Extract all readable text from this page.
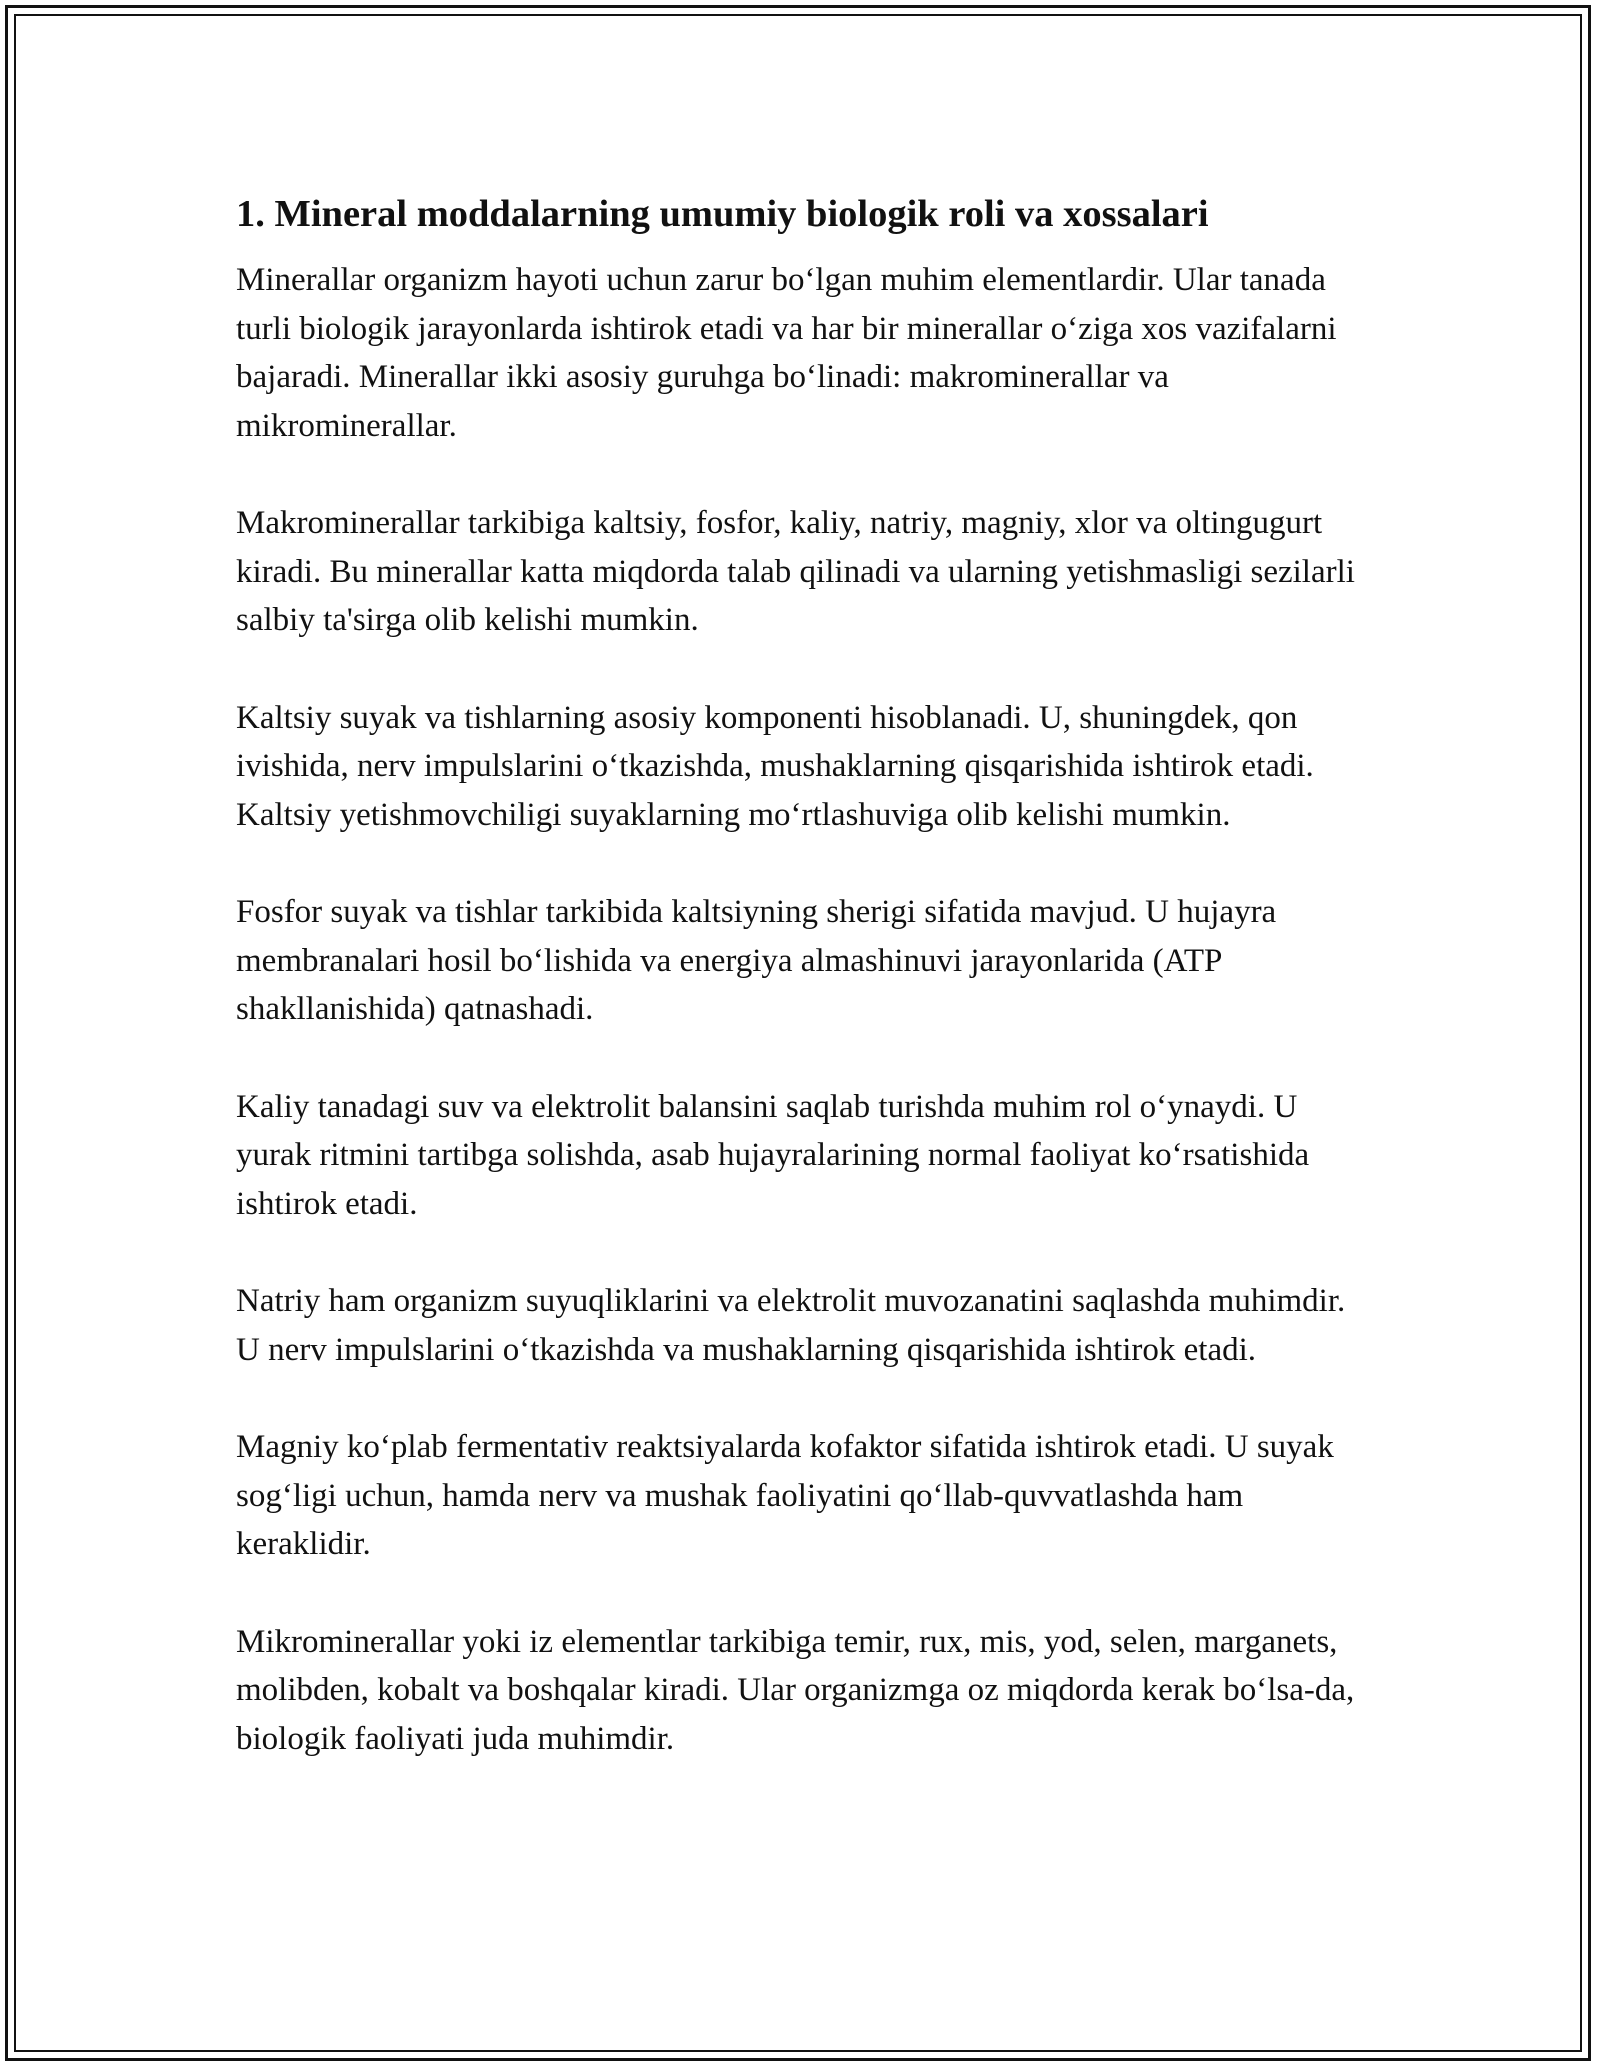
1. Mineral moddalarning umumiy biologik roli va xossalari

Minerallar organizm hayoti uchun zarur boʻlgan muhim elementlardir. Ular tanada turli biologik jarayonlarda ishtirok etadi va har bir minerallar oʻziga xos vazifalarni bajaradi. Minerallar ikki asosiy guruhga boʻlinadi: makrominerallar va mikrominerallar.

Makrominerallar tarkibiga kaltsiy, fosfor, kaliy, natriy, magniy, xlor va oltingugurt kiradi. Bu minerallar katta miqdorda talab qilinadi va ularning yetishmasligi sezilarli salbiy ta'sirga olib kelishi mumkin.

Kaltsiy suyak va tishlarning asosiy komponenti hisoblanadi. U, shuningdek, qon ivishida, nerv impulslarini oʻtkazishda, mushaklarning qisqarishida ishtirok etadi. Kaltsiy yetishmovchiligi suyaklarning moʻrtlashuviga olib kelishi mumkin.

Fosfor suyak va tishlar tarkibida kaltsiyning sherigi sifatida mavjud. U hujayra membranalari hosil boʻlishida va energiya almashinuvi jarayonlarida (ATP shakllanishida) qatnashadi.

Kaliy tanadagi suv va elektrolit balansini saqlab turishda muhim rol oʻynaydi. U yurak ritmini tartibga solishda, asab hujayralarining normal faoliyat koʻrsatishida ishtirok etadi.

Natriy ham organizm suyuqliklarini va elektrolit muvozanatini saqlashda muhimdir. U nerv impulslarini oʻtkazishda va mushaklarning qisqarishida ishtirok etadi.

Magniy koʻplab fermentativ reaktsiyalarda kofaktor sifatida ishtirok etadi. U suyak sogʻligi uchun, hamda nerv va mushak faoliyatini qoʻllab-quvvatlashda ham keraklidir.

Mikrominerallar yoki iz elementlar tarkibiga temir, rux, mis, yod, selen, marganets, molibden, kobalt va boshqalar kiradi. Ular organizmga oz miqdorda kerak boʻlsa-da, biologik faoliyati juda muhimdir.
